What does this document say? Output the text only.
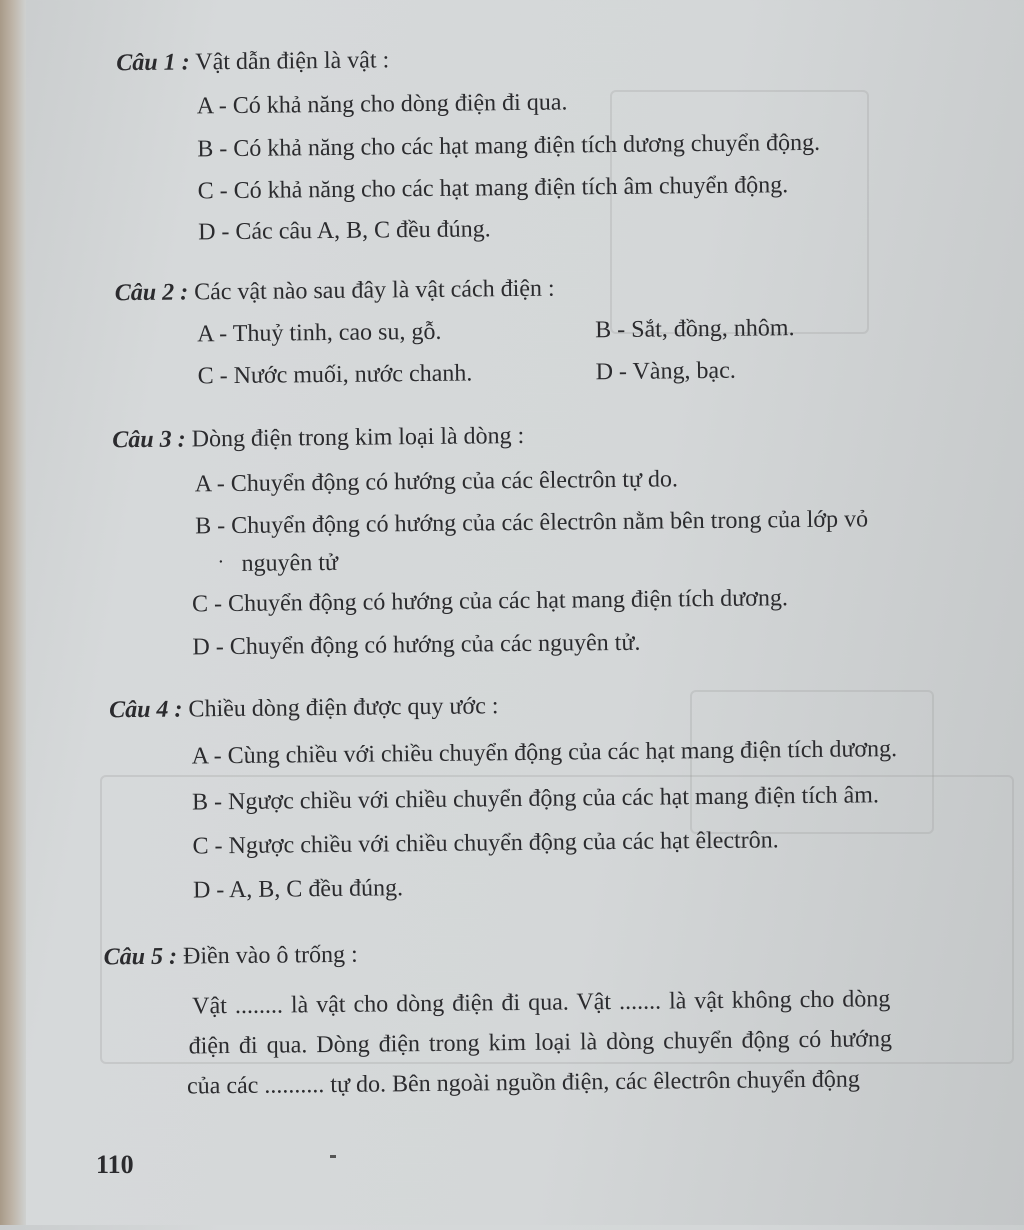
Câu 1 : Vật dẫn điện là vật :
A - Có khả năng cho dòng điện đi qua.
B - Có khả năng cho các hạt mang điện tích dương chuyển động.
C - Có khả năng cho các hạt mang điện tích âm chuyển động.
D - Các câu A, B, C đều đúng.
Câu 2 : Các vật nào sau đây là vật cách điện :
A - Thuỷ tinh, cao su, gỗ.	B - Sắt, đồng, nhôm.
C - Nước muối, nước chanh.	D - Vàng, bạc.
Câu 3 : Dòng điện trong kim loại là dòng :
A - Chuyển động có hướng của các êlectrôn tự do.
B - Chuyển động có hướng của các êlectrôn nằm bên trong của lớp vỏ
· nguyên tử
C - Chuyển động có hướng của các hạt mang điện tích dương.
D - Chuyển động có hướng của các nguyên tử.
Câu 4 : Chiều dòng điện được quy ước :
A - Cùng chiều với chiều chuyển động của các hạt mang điện tích dương.
B - Ngược chiều với chiều chuyển động của các hạt mang điện tích âm.
C - Ngược chiều với chiều chuyển động của các hạt êlectrôn.
D - A, B, C đều đúng.
Câu 5 : Điền vào ô trống :
Vật ........ là vật cho dòng điện đi qua. Vật ....... là vật không cho dòng
điện đi qua. Dòng điện trong kim loại là dòng chuyển động có hướng
của các .......... tự do. Bên ngoài nguồn điện, các êlectrôn chuyển động
110
